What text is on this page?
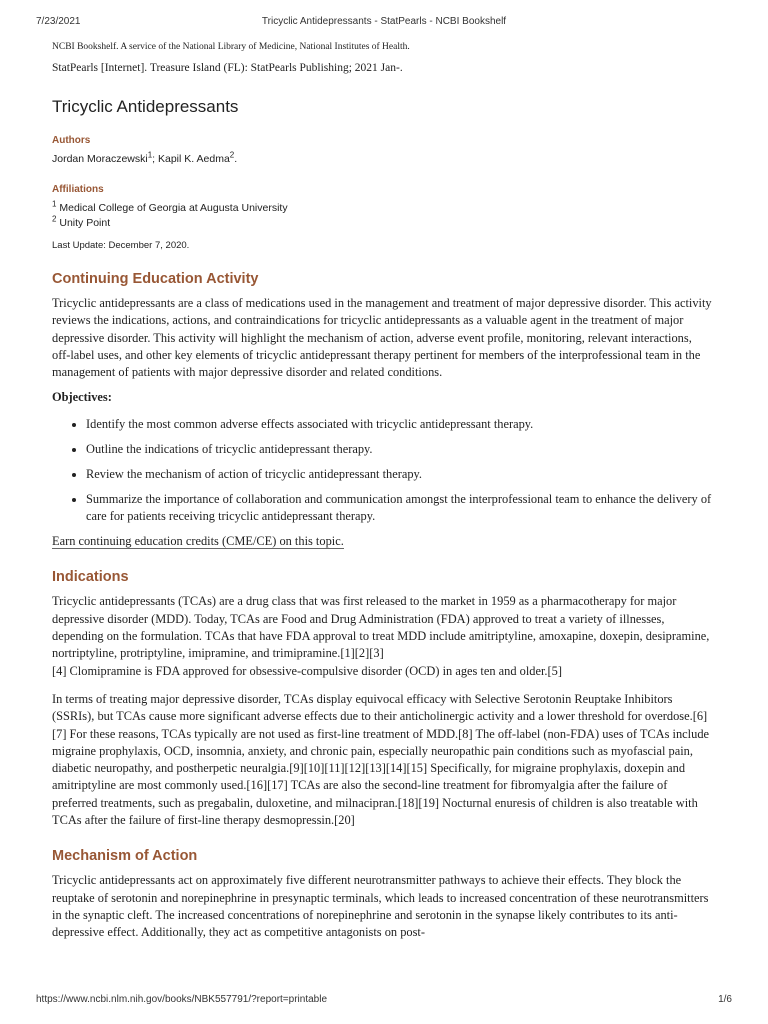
7/23/2021	Tricyclic Antidepressants - StatPearls - NCBI Bookshelf

NCBI Bookshelf. A service of the National Library of Medicine, National Institutes of Health.

StatPearls [Internet]. Treasure Island (FL): StatPearls Publishing; 2021 Jan-.

Tricyclic Antidepressants

Authors

Jordan Moraczewski$^1$; Kapil K. Aedma$^2$.

Affiliations

$^1$ Medical College of Georgia at Augusta University

$^2$ Unity Point

Last Update: December 7, 2020.

Continuing Education Activity

Tricyclic antidepressants are a class of medications used in the management and treatment of major depressive disorder. This activity reviews the indications, actions, and contraindications for tricyclic antidepressants as a valuable agent in the treatment of major depressive disorder. This activity will highlight the mechanism of action, adverse event profile, monitoring, relevant interactions, off-label uses, and other key elements of tricyclic antidepressant therapy pertinent for members of the interprofessional team in the management of patients with major depressive disorder and related conditions.

Objectives:

• Identify the most common adverse effects associated with tricyclic antidepressant therapy.
• Outline the indications of tricyclic antidepressant therapy.
• Review the mechanism of action of tricyclic antidepressant therapy.
• Summarize the importance of collaboration and communication amongst the interprofessional team to enhance the delivery of care for patients receiving tricyclic antidepressant therapy.

Earn continuing education credits (CME/CE) on this topic.

Indications

Tricyclic antidepressants (TCAs) are a drug class that was first released to the market in 1959 as a pharmacotherapy for major depressive disorder (MDD). Today, TCAs are Food and Drug Administration (FDA) approved to treat a variety of illnesses, depending on the formulation. TCAs that have FDA approval to treat MDD include amitriptyline, amoxapine, doxepin, desipramine, nortriptyline, protriptyline, imipramine, and trimipramine.[1][2][3]
[4] Clomipramine is FDA approved for obsessive-compulsive disorder (OCD) in ages ten and older.[5]

In terms of treating major depressive disorder, TCAs display equivocal efficacy with Selective Serotonin Reuptake Inhibitors (SSRIs), but TCAs cause more significant adverse effects due to their anticholinergic activity and a lower threshold for overdose.[6][7] For these reasons, TCAs typically are not used as first-line treatment of MDD.[8] The off-label (non-FDA) uses of TCAs include migraine prophylaxis, OCD, insomnia, anxiety, and chronic pain, especially neuropathic pain conditions such as myofascial pain, diabetic neuropathy, and postherpetic neuralgia.[9][10][11][12][13][14][15] Specifically, for migraine prophylaxis, doxepin and amitriptyline are most commonly used.[16][17] TCAs are also the second-line treatment for fibromyalgia after the failure of preferred treatments, such as pregabalin, duloxetine, and milnacipran.[18][19] Nocturnal enuresis of children is also treatable with TCAs after the failure of first-line therapy desmopressin.[20]

Mechanism of Action

Tricyclic antidepressants act on approximately five different neurotransmitter pathways to achieve their effects. They block the reuptake of serotonin and norepinephrine in presynaptic terminals, which leads to increased concentration of these neurotransmitters in the synaptic cleft. The increased concentrations of norepinephrine and serotonin in the synapse likely contributes to its anti-depressive effect. Additionally, they act as competitive antagonists on post-

https://www.ncbi.nlm.nih.gov/books/NBK557791/?report=printable	1/6
